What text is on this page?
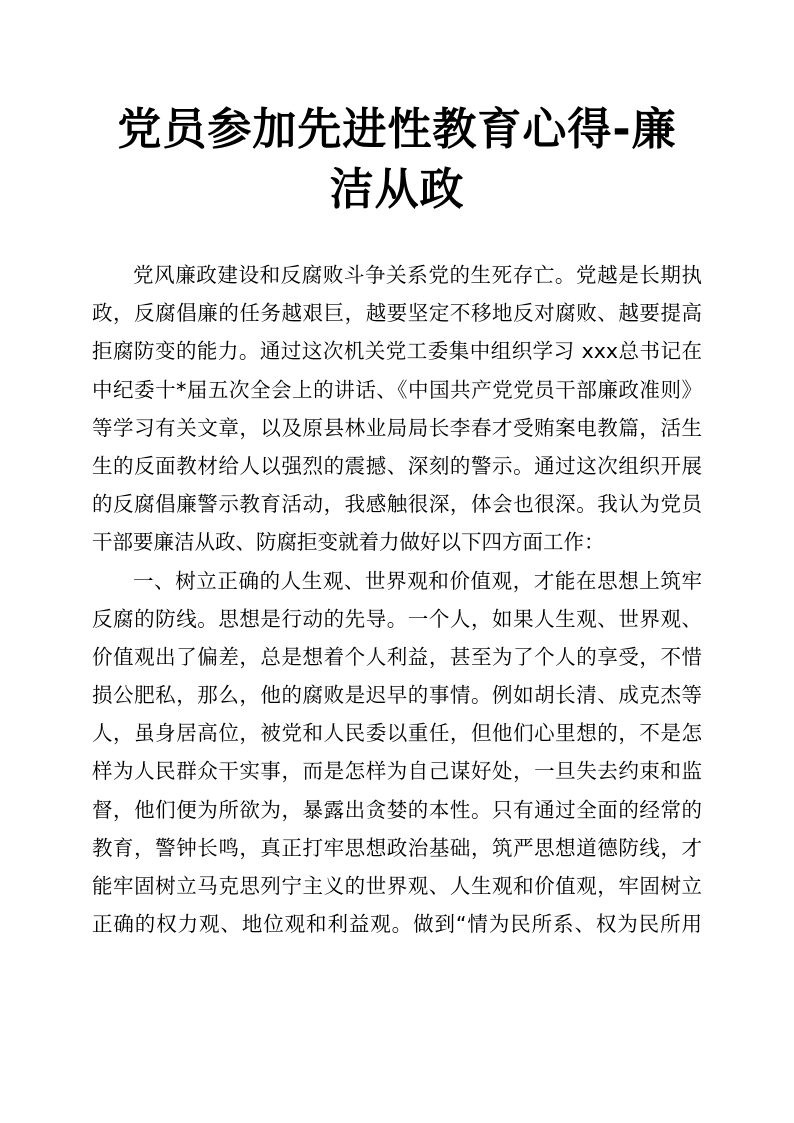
党员参加先进性教育心得-廉
洁从政
党风廉政建设和反腐败斗争关系党的生死存亡。党越是长期执
政，反腐倡廉的任务越艰巨，越要坚定不移地反对腐败、越要提高
拒腐防变的能力。通过这次机关党工委集中组织学习 xxx总书记在
中纪委十*届五次全会上的讲话、《中国共产党党员干部廉政准则》
等学习有关文章，以及原县林业局局长李春才受贿案电教篇，活生
生的反面教材给人以强烈的震撼、深刻的警示。通过这次组织开展
的反腐倡廉警示教育活动，我感触很深，体会也很深。我认为党员
干部要廉洁从政、防腐拒变就着力做好以下四方面工作：
一、树立正确的人生观、世界观和价值观，才能在思想上筑牢
反腐的防线。思想是行动的先导。一个人，如果人生观、世界观、
价值观出了偏差，总是想着个人利益，甚至为了个人的享受，不惜
损公肥私，那么，他的腐败是迟早的事情。例如胡长清、成克杰等
人，虽身居高位，被党和人民委以重任，但他们心里想的，不是怎
样为人民群众干实事，而是怎样为自己谋好处，一旦失去约束和监
督，他们便为所欲为，暴露出贪婪的本性。只有通过全面的经常的
教育，警钟长鸣，真正打牢思想政治基础，筑严思想道德防线，才
能牢固树立马克思列宁主义的世界观、人生观和价值观，牢固树立
正确的权力观、地位观和利益观。做到“情为民所系、权为民所用
